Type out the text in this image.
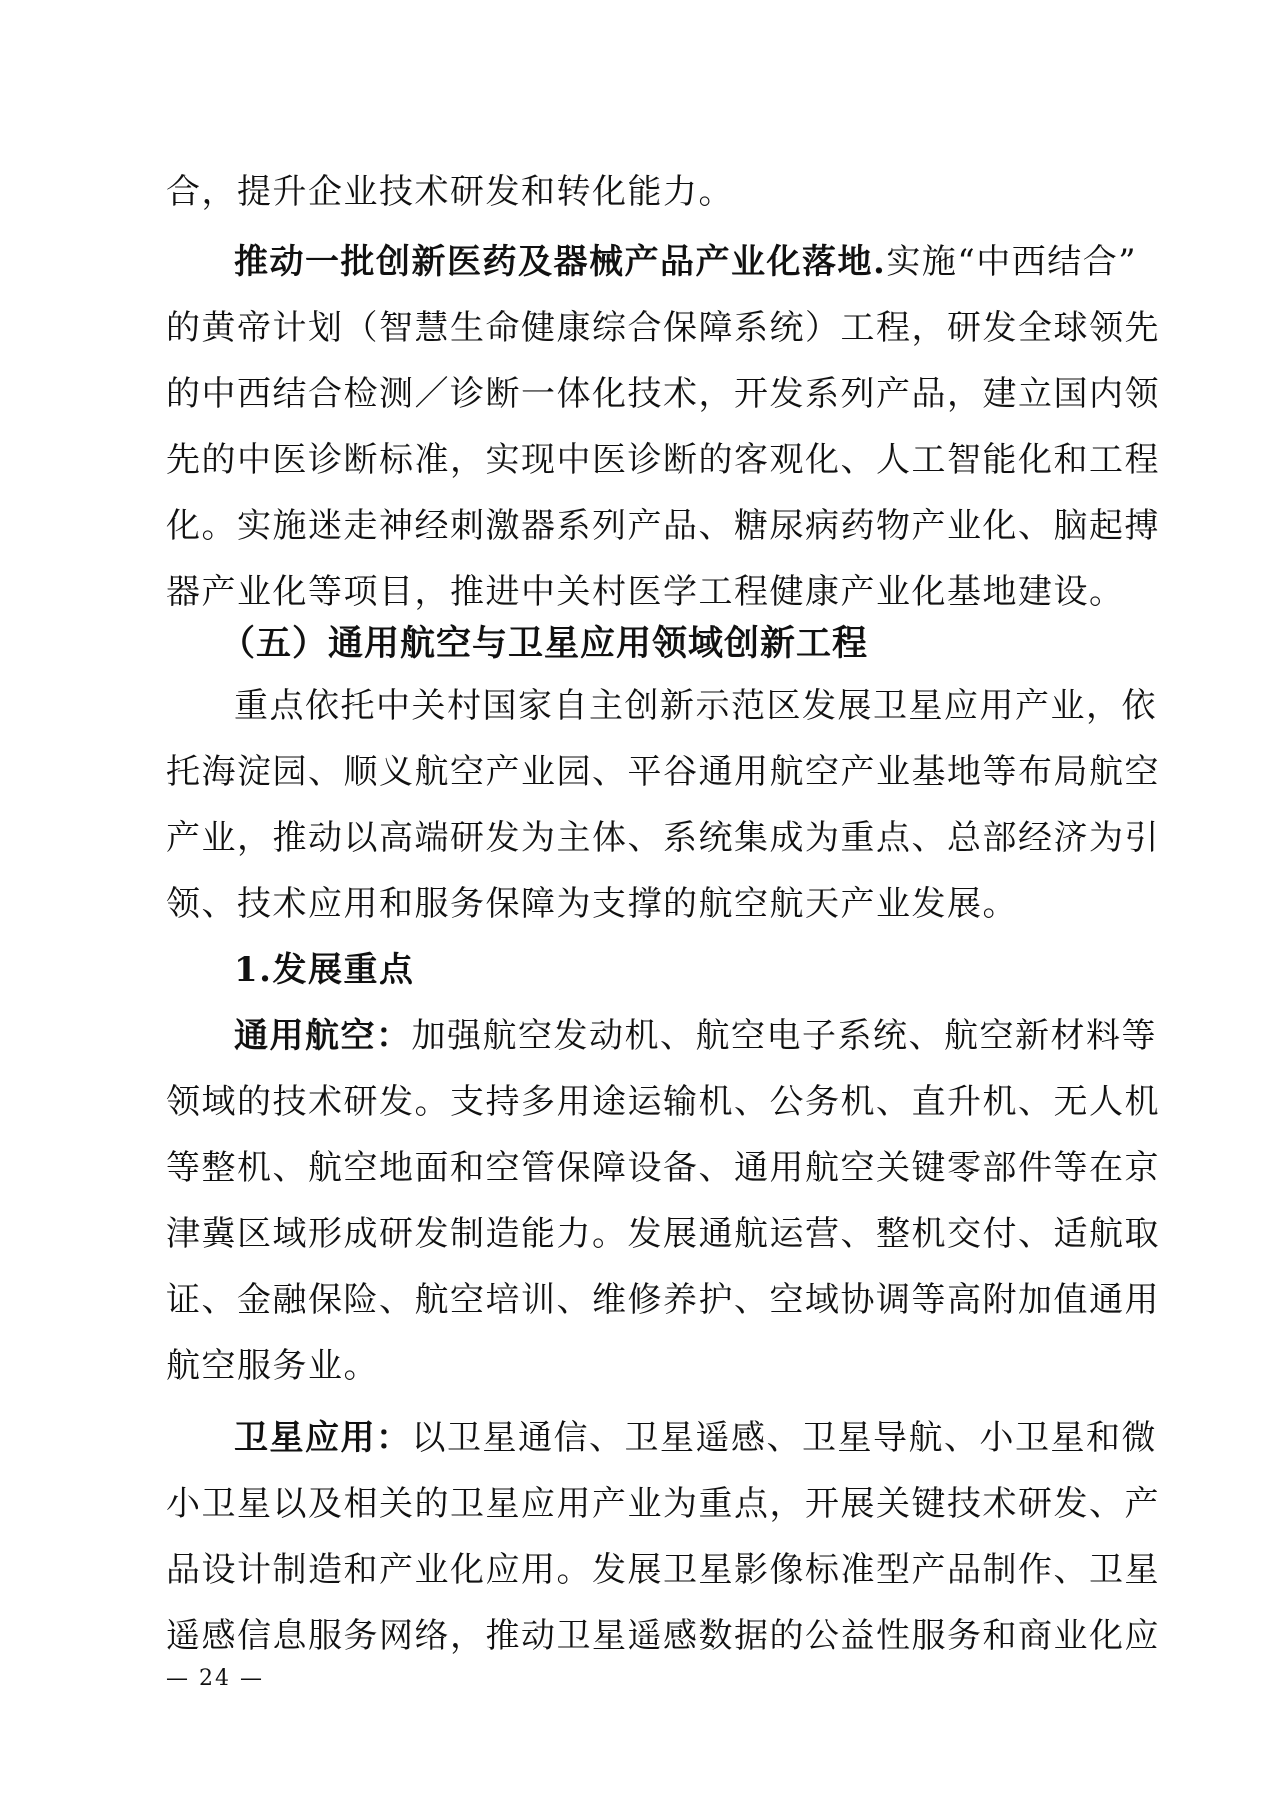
合，提升企业技术研发和转化能力。
推动一批创新医药及器械产品产业化落地.实施“中西结合”
的黄帝计划（智慧生命健康综合保障系统）工程，研发全球领先
的中西结合检测／诊断一体化技术，开发系列产品，建立国内领
先的中医诊断标准，实现中医诊断的客观化、人工智能化和工程
化。实施迷走神经刺激器系列产品、糖尿病药物产业化、脑起搏
器产业化等项目，推进中关村医学工程健康产业化基地建设。
（五）通用航空与卫星应用领域创新工程
重点依托中关村国家自主创新示范区发展卫星应用产业，依
托海淀园、顺义航空产业园、平谷通用航空产业基地等布局航空
产业，推动以高端研发为主体、系统集成为重点、总部经济为引
领、技术应用和服务保障为支撑的航空航天产业发展。
1.发展重点
通用航空：加强航空发动机、航空电子系统、航空新材料等
领域的技术研发。支持多用途运输机、公务机、直升机、无人机
等整机、航空地面和空管保障设备、通用航空关键零部件等在京
津冀区域形成研发制造能力。发展通航运营、整机交付、适航取
证、金融保险、航空培训、维修养护、空域协调等高附加值通用
航空服务业。
卫星应用：以卫星通信、卫星遥感、卫星导航、小卫星和微
小卫星以及相关的卫星应用产业为重点，开展关键技术研发、产
品设计制造和产业化应用。发展卫星影像标准型产品制作、卫星
遥感信息服务网络，推动卫星遥感数据的公益性服务和商业化应
— 24 —
